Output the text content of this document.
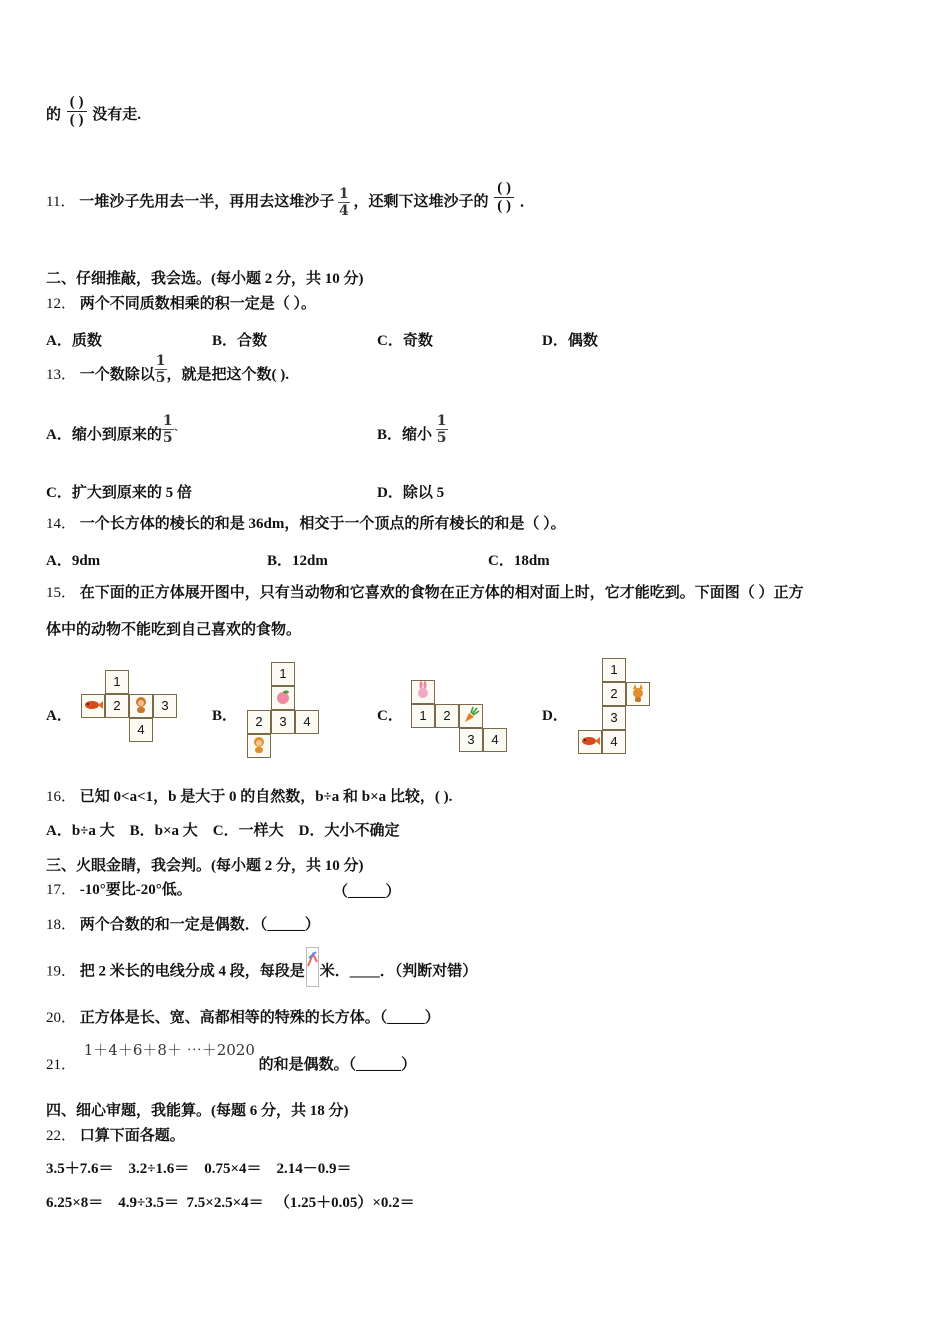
的 $\frac{( )}{( )}$ 没有走.
11． 一堆沙子先用去一半，再用去这堆沙子 $\frac{1}{4}$ ，还剩下这堆沙子的 $\frac{( )}{( )}$ ．
二、仔细推敲，我会选。(每小题 2 分，共 10 分)
12． 两个不同质数相乘的积一定是（ ）。
A．质数	B．合数	C．奇数	D．偶数
13． 一个数除以 $\frac{1}{5}$ ，就是把这个数( ).
A．缩小到原来的 $\frac{1}{5}$ `	B．缩小 $\frac{1}{5}$
C．扩大到原来的 5 倍	D．除以 5
14． 一个长方体的棱长的和是 36dm，相交于一个顶点的所有棱长的和是（ ）。
A．9dm	B．12dm	C．18dm
15． 在下面的正方体展开图中，只有当动物和它喜欢的食物在正方体的相对面上时，它才能吃到。下面图（ ）正方
体中的动物不能吃到自己喜欢的食物。
A．
1
2	3
4
B．
1
2	3	4	C．	1	2
3	4
D．
1
2
3
4
16． 已知 0<a<1，b 是大于 0 的自然数，b÷a 和 b×a 比较，( ).
A．b÷a 大    B．b×a 大    C．一样大    D．大小不确定
三、火眼金睛，我会判。(每小题 2 分，共 10 分)
17． -10°要比-20°低。	（_____）
18． 两个合数的和一定是偶数．（_____）
19． 把 2 米长的电线分成 4 段，每段是 米．____．（判断对错）
20． 正方体是长、宽、高都相等的特殊的长方体。（_____）
21． 1＋4＋6＋8＋ ⋯＋2020 的和是偶数。（______）
四、细心审题，我能算。(每题 6 分，共 18 分)
22． 口算下面各题。
3.5＋7.6＝    3.2÷1.6＝    0.75×4＝    2.14－0.9＝
6.25×8＝    4.9÷3.5＝  7.5×2.5×4＝   （1.25＋0.05）×0.2＝
